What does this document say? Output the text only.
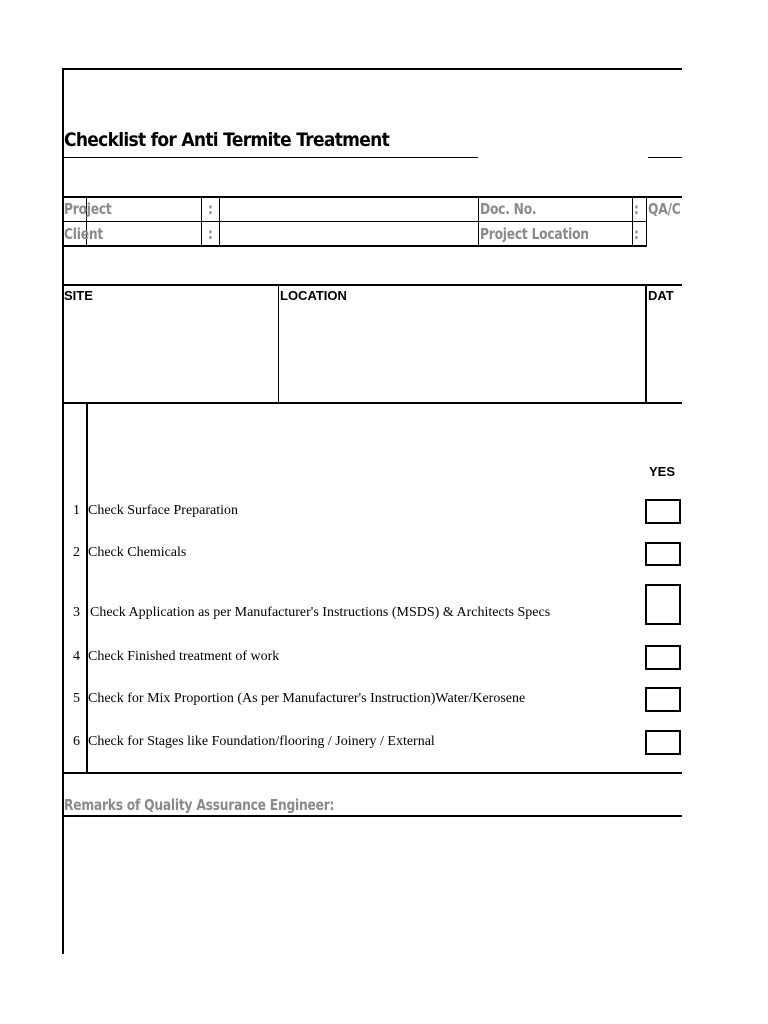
Checklist for Anti Termite Treatment
Project
Client
:
:
Doc. No.
Project Location
:
:
QA/C
SITE	LOCATION	DAT
YES
1 Check Surface Preparation
2 Check Chemicals
3 Check Application as per Manufacturer's Instructions (MSDS) & Architects Specs
4 Check Finished treatment of work
5 Check for Mix Proportion (As per Manufacturer's Instruction)Water/Kerosene
6 Check for Stages like Foundation/flooring / Joinery / External
Remarks of Quality Assurance Engineer:
